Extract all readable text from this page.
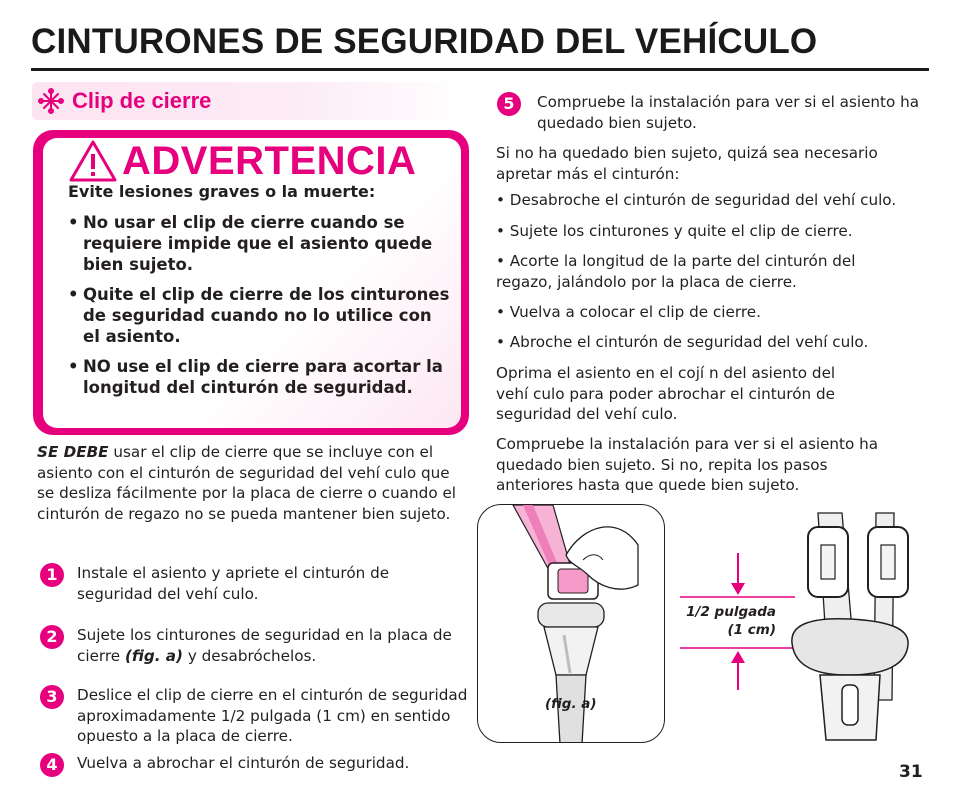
CINTURONES DE SEGURIDAD DEL VEHÍCULO
Clip de cierre
ADVERTENCIA
Evite lesiones graves o la muerte:
• No usar el clip de cierre cuando se requiere impide que el asiento quede bien sujeto.
• Quite el clip de cierre de los cinturones de seguridad cuando no lo utilice con el asiento.
• NO use el clip de cierre para acortar la longitud del cinturón de seguridad.
SE DEBE usar el clip de cierre que se incluye con el asiento con el cinturón de seguridad del vehí culo que se desliza fácilmente por la placa de cierre o cuando el cinturón de regazo no se pueda mantener bien sujeto.
1	Instale el asiento y apriete el cinturón de seguridad del vehí culo.
2	Sujete los cinturones de seguridad en la placa de cierre (fig. a) y desabróchelos.
3	Deslice el clip de cierre en el cinturón de seguridad aproximadamente 1/2 pulgada (1 cm) en sentido opuesto a la placa de cierre.
4	Vuelva a abrochar el cinturón de seguridad.
5	Compruebe la instalación para ver si el asiento ha quedado bien sujeto.
Si no ha quedado bien sujeto, quizá sea necesario apretar más el cinturón:
• Desabroche el cinturón de seguridad del vehí culo.
• Sujete los cinturones y quite el clip de cierre.
• Acorte la longitud de la parte del cinturón del regazo, jalándolo por la placa de cierre.
• Vuelva a colocar el clip de cierre.
• Abroche el cinturón de seguridad del vehí culo.
Oprima el asiento en el cojí n del asiento del vehí culo para poder abrochar el cinturón de seguridad del vehí culo.
Compruebe la instalación para ver si el asiento ha quedado bien sujeto. Si no, repita los pasos anteriores hasta que quede bien sujeto.
(fig. a)
1/2 pulgada
(1 cm)
31
